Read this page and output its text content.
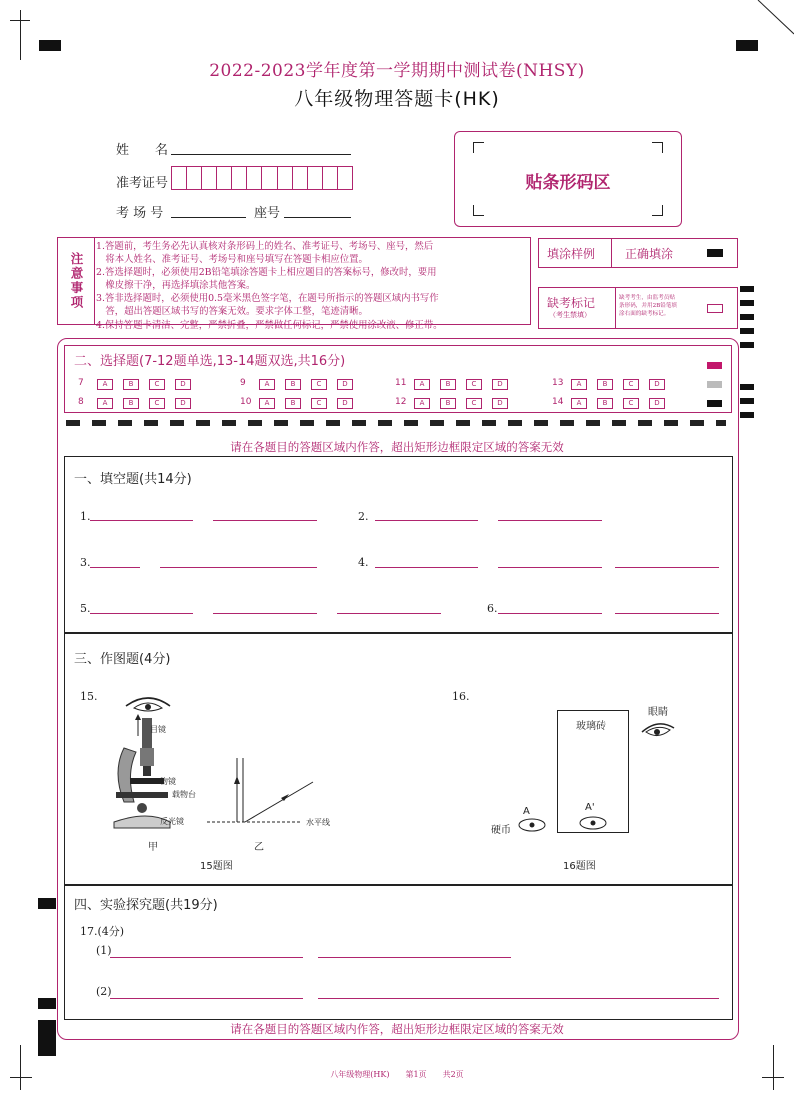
2022-2023学年度第一学期期中测试卷(NHSY)
八年级物理答题卡(HK)
姓　　名
准考证号
考 场 号	座号
贴条形码区
注意事项
1.答题前，考生务必先认真核对条形码上的姓名、准考证号、考场号、座号，然后
　将本人姓名、准考证号、考场号和座号填写在答题卡相应位置。
2.答选择题时，必须使用2B铅笔填涂答题卡上相应题目的答案标号，修改时，要用
　橡皮擦干净，再选择填涂其他答案。
3.答非选择题时，必须使用0.5毫米黑色签字笔，在题号所指示的答题区域内书写作
　答，超出答题区域书写的答案无效。要求字体工整，笔迹清晰。
4.保持答题卡清洁、完整，严禁折叠，严禁做任何标记，严禁使用涂改液、修正带。
填涂样例 正确填涂
缺考标记
（考生禁填）
缺考考生，由监考员贴条形码，并用2B铅笔填涂右面的缺考标记。
二、选择题(7-12题单选,13-14题双选,共16分)
7	A	B	C	D
8	A	B	C	D
9	A	B	C	D
10	A	B	C	D
11	A	B	C	D
12	A	B	C	D
13	A	B	C	D
14	A	B	C	D
请在各题目的答题区域内作答，超出矩形边框限定区域的答案无效
一、填空题(共14分)
1.	2.
3.	4.
5.	6.
三、作图题(4分)
15.	16.
目镜
物镜
载物台
反光镜
甲
水平线
乙
15题图
玻璃砖
眼睛
A
硬币
A'
16题图
四、实验探究题(共19分)
17.(4分)
(1)
(2)
请在各题目的答题区域内作答，超出矩形边框限定区域的答案无效
八年级物理(HK)　　第1页　　共2页
